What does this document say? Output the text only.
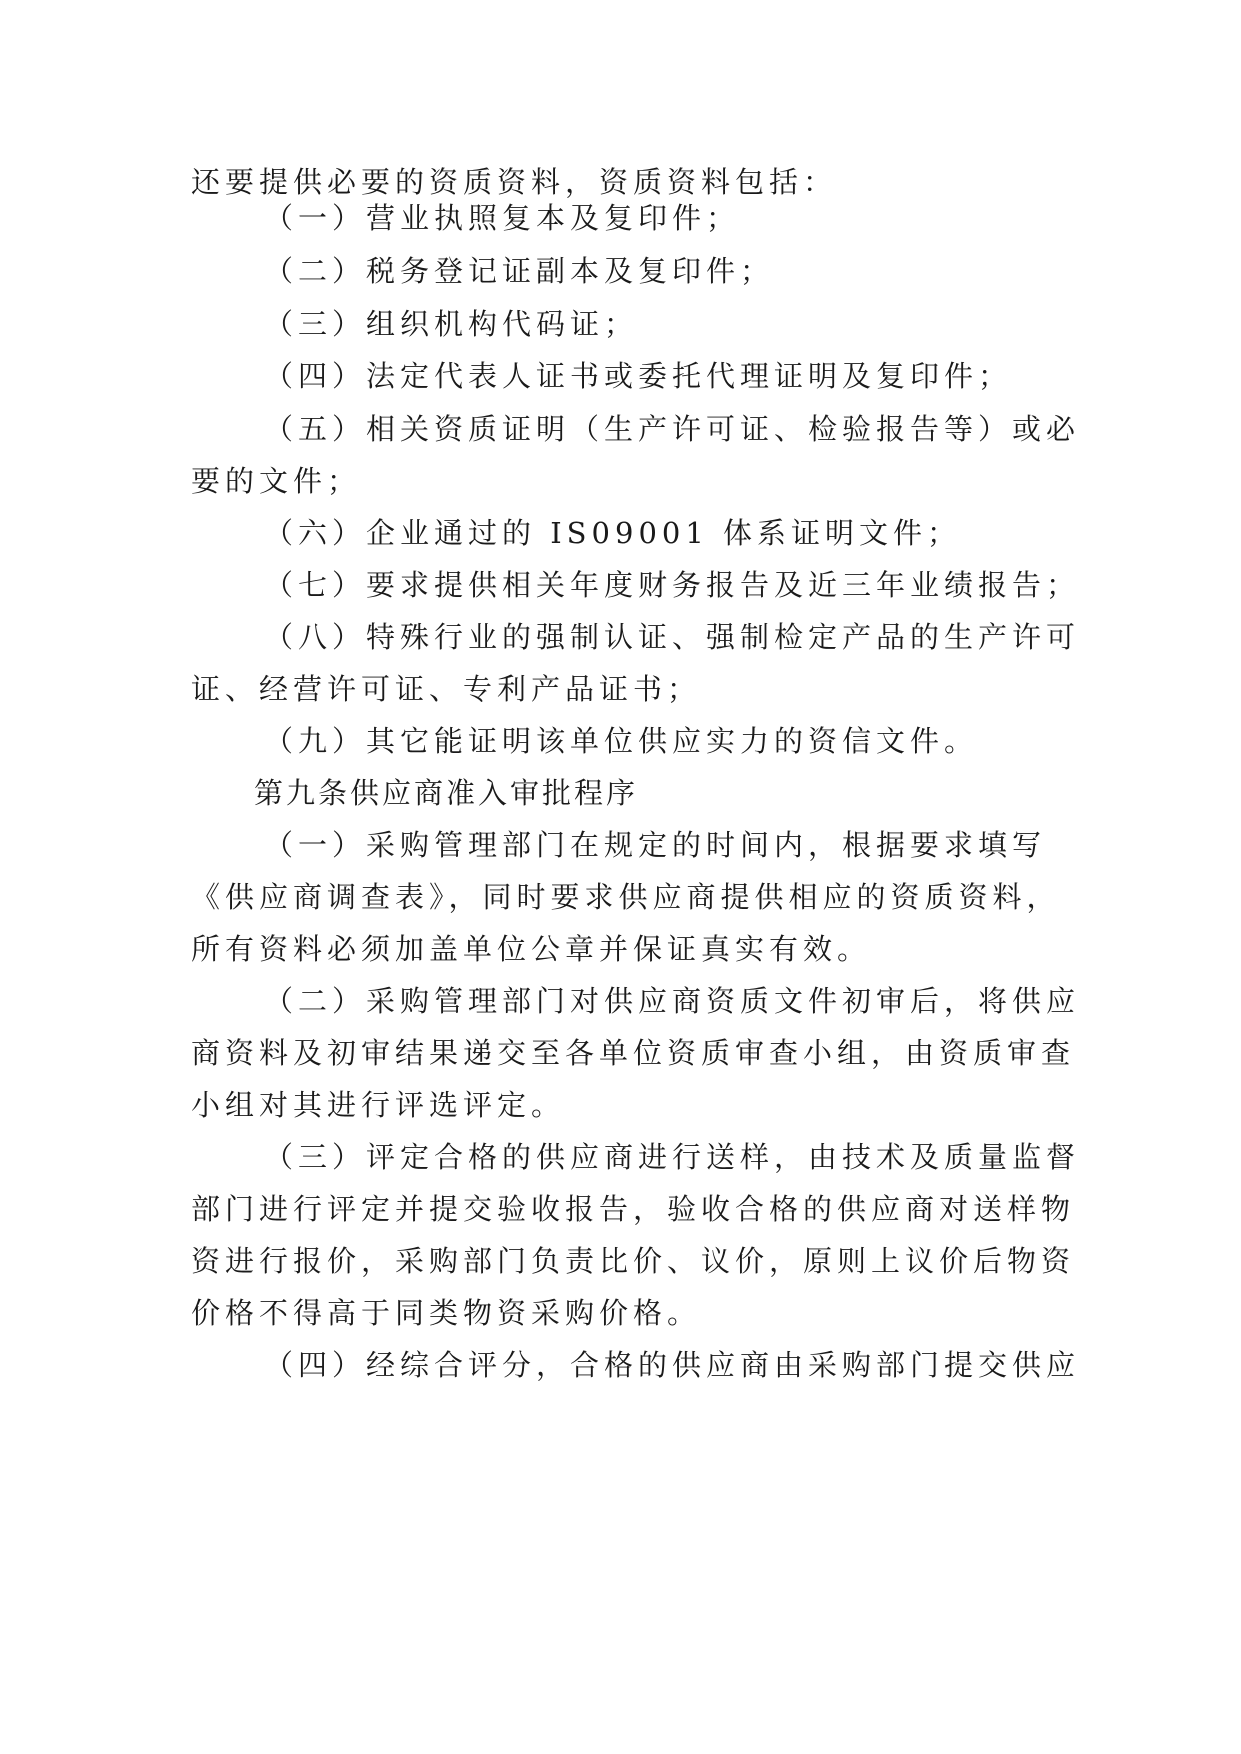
还要提供必要的资质资料，资质资料包括：
（一）营业执照复本及复印件；
（二）税务登记证副本及复印件；
（三）组织机构代码证；
（四）法定代表人证书或委托代理证明及复印件；
（五）相关资质证明（生产许可证、检验报告等）或必
要的文件；
（六）企业通过的 IS09001 体系证明文件；
（七）要求提供相关年度财务报告及近三年业绩报告；
（八）特殊行业的强制认证、强制检定产品的生产许可
证、经营许可证、专利产品证书；
（九）其它能证明该单位供应实力的资信文件。
第九条供应商准入审批程序
（一）采购管理部门在规定的时间内，根据要求填写
《供应商调查表》，同时要求供应商提供相应的资质资料，
所有资料必须加盖单位公章并保证真实有效。
（二）采购管理部门对供应商资质文件初审后，将供应
商资料及初审结果递交至各单位资质审查小组，由资质审查
小组对其进行评选评定。
（三）评定合格的供应商进行送样，由技术及质量监督
部门进行评定并提交验收报告，验收合格的供应商对送样物
资进行报价，采购部门负责比价、议价，原则上议价后物资
价格不得高于同类物资采购价格。
（四）经综合评分，合格的供应商由采购部门提交供应
